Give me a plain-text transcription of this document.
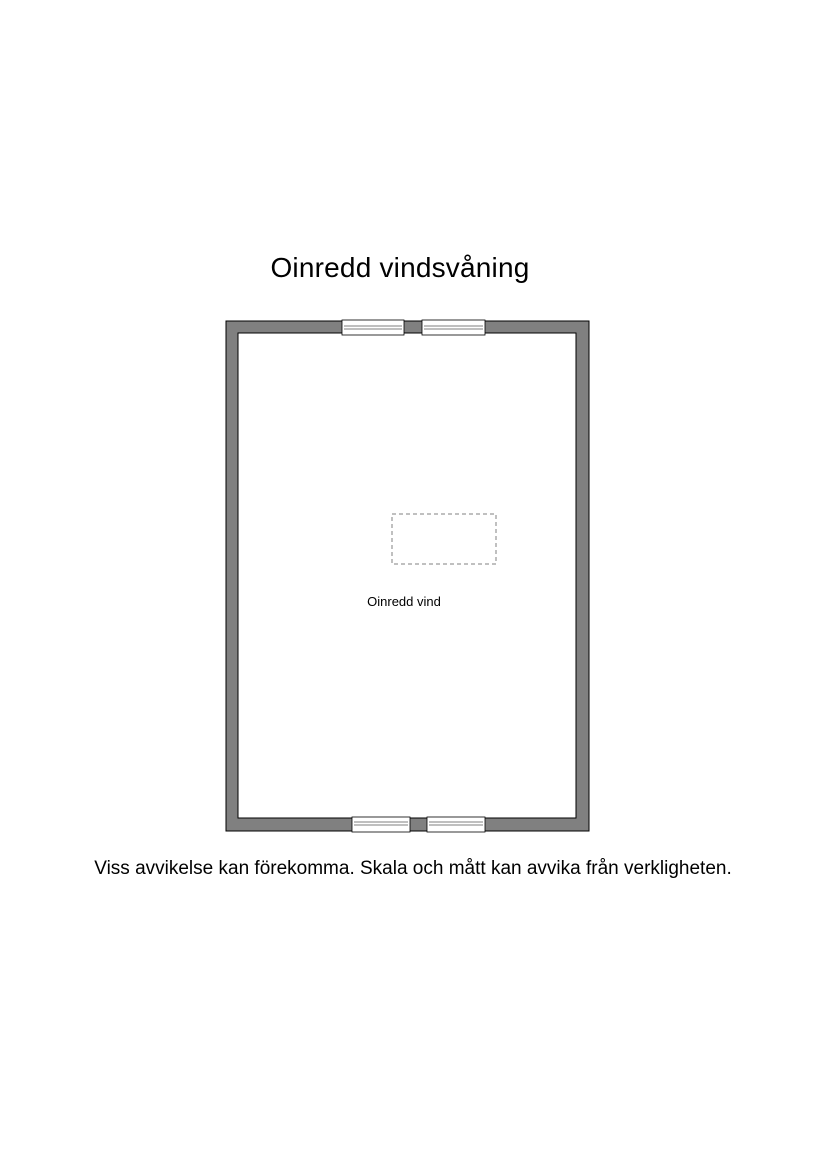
Oinredd vindsvåning
Oinredd vind
Viss avvikelse kan förekomma. Skala och mått kan avvika från verkligheten.
